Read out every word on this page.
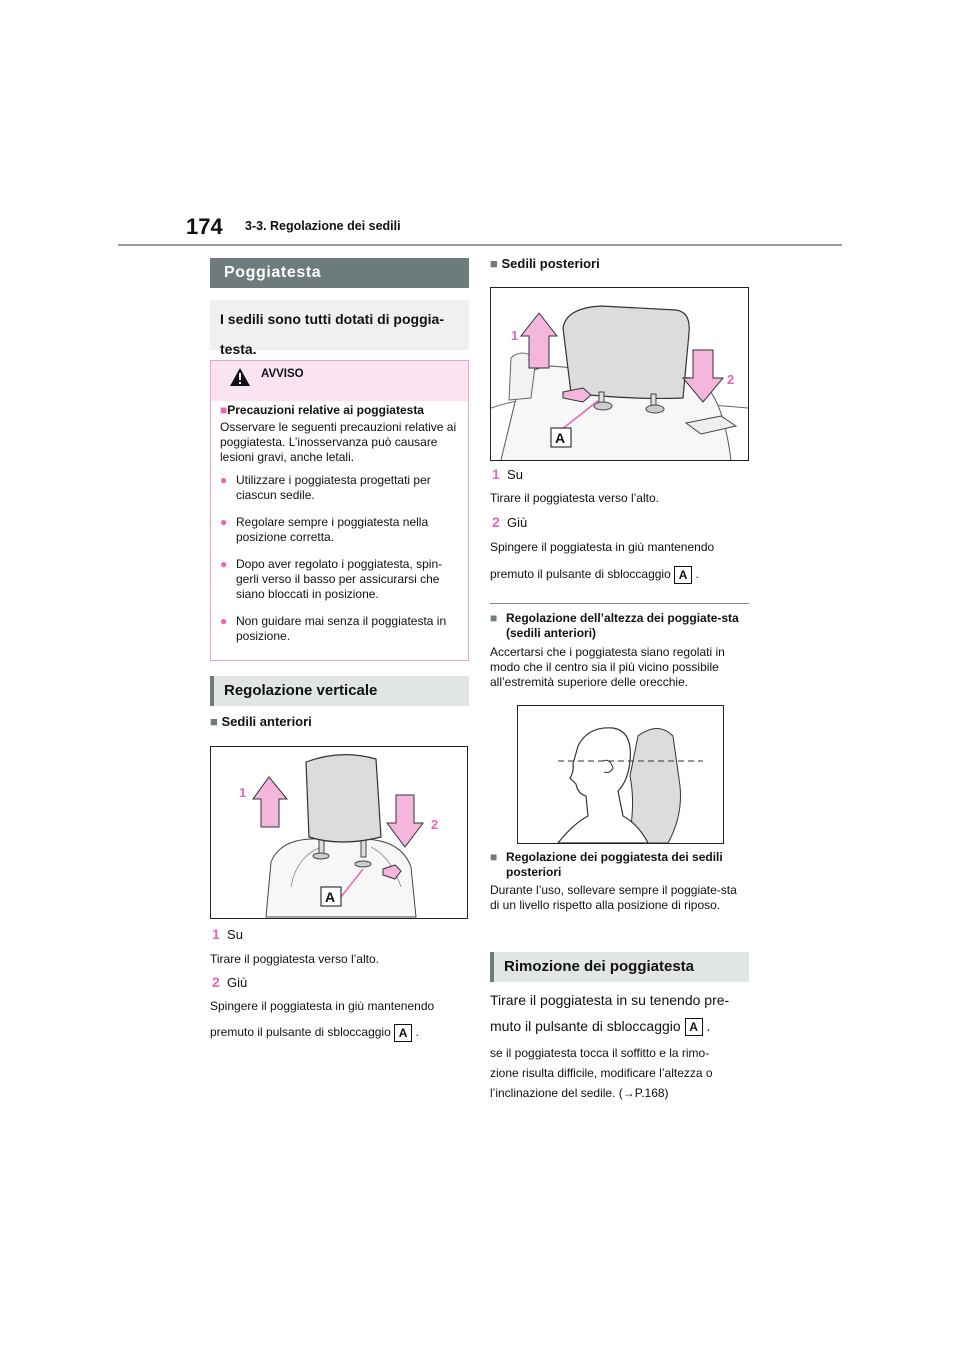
174 3-3. Regolazione dei sedili
Poggiatesta
I sedili sono tutti dotati di poggia-testa.
AVVISO
■Precauzioni relative ai poggiatesta
Osservare le seguenti precauzioni relative ai poggiatesta. L’inosservanza può causare lesioni gravi, anche letali.
● Utilizzare i poggiatesta progettati per ciascun sedile.
● Regolare sempre i poggiatesta nella posizione corretta.
● Dopo aver regolato i poggiatesta, spin-gerli verso il basso per assicurarsi che siano bloccati in posizione.
● Non guidare mai senza il poggiatesta in posizione.
Regolazione verticale
■ Sedili anteriori
1
2
A
1 Su
Tirare il poggiatesta verso l’alto.
2 Giù
Spingere il poggiatesta in giù mantenendo
premuto il pulsante di sbloccaggio A .
■ Sedili posteriori
1
2
A
1 Su
Tirare il poggiatesta verso l’alto.
2 Giù
Spingere il poggiatesta in giù mantenendo
premuto il pulsante di sbloccaggio A .
■ Regolazione dell’altezza dei poggiate-sta (sedili anteriori)
Accertarsi che i poggiatesta siano regolati in modo che il centro sia il più vicino possibile all’estremità superiore delle orecchie.
■ Regolazione dei poggiatesta dei sedili posteriori
Durante l’uso, sollevare sempre il poggiate-sta di un livello rispetto alla posizione di riposo.
Rimozione dei poggiatesta
Tirare il poggiatesta in su tenendo pre-
muto il pulsante di sbloccaggio A .
se il poggiatesta tocca il soffitto e la rimo-
zione risulta difficile, modificare l’altezza o
l’inclinazione del sedile. (→P.168)
